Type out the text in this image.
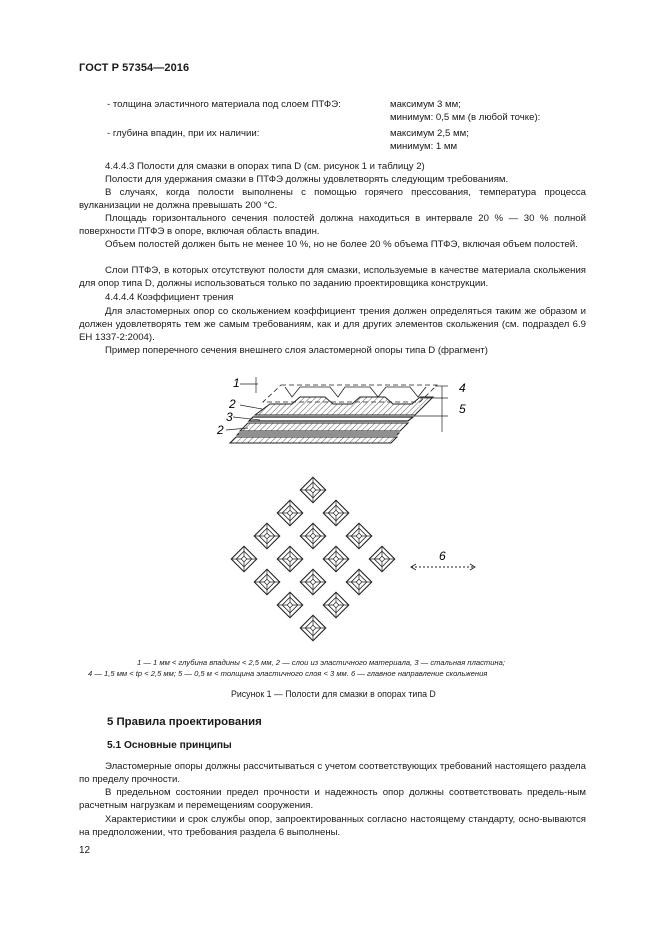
ГОСТ Р 57354—2016
- толщина эластичного материала под слоем ПТФЭ:	максимум 3 мм;
минимум: 0,5 мм (в любой точке):
- глубина впадин, при их наличии:	максимум 2,5 мм;
минимум: 1 мм
4.4.4.3 Полости для смазки в опорах типа D (см. рисунок 1 и таблицу 2)
Полости для удержания смазки в ПТФЭ должны удовлетворять следующим требованиям.
В случаях, когда полости выполнены с помощью горячего прессования, температура процесса вулканизации не должна превышать 200 °С.
Площадь горизонтального сечения полостей должна находиться в интервале 20 % — 30 % полной поверхности ПТФЭ в опоре, включая область впадин.
Объем полостей должен быть не менее 10 %, но не более 20 % объема ПТФЭ, включая объем полостей.
Слои ПТФЭ, в которых отсутствуют полости для смазки, используемые в качестве материала скольжения для опор типа D, должны использоваться только по заданию проектировщика конструкции.
4.4.4.4 Коэффициент трения
Для эластомерных опор со скольжением коэффициент трения должен определяться таким же образом и должен удовлетворять тем же самым требованиям, как и для других элементов скольжения (см. подраздел 6.9 ЕН 1337-2:2004).
Пример поперечного сечения внешнего слоя эластомерной опоры типа D (фрагмент)
1
2
3
2
4
5
6
1 — 1 мм < глубина впадины < 2,5 мм, 2 — слои из эластичного материала, 3 — стальная пластина;
4 — 1,5 мм < tp < 2,5 мм; 5 — 0,5 м < толщина эластичного слоя < 3 мм. 6 — главное направление скольжения
Рисунок 1 — Полости для смазки в опорах типа D
5 Правила проектирования
5.1 Основные принципы
Эластомерные опоры должны рассчитываться с учетом соответствующих требований настоящего раздела по пределу прочности.
В предельном состоянии предел прочности и надежность опор должны соответствовать предель-ным расчетным нагрузкам и перемещениям сооружения.
Характеристики и срок службы опор, запроектированных согласно настоящему стандарту, осно-вываются на предположении, что требования раздела 6 выполнены.
12
